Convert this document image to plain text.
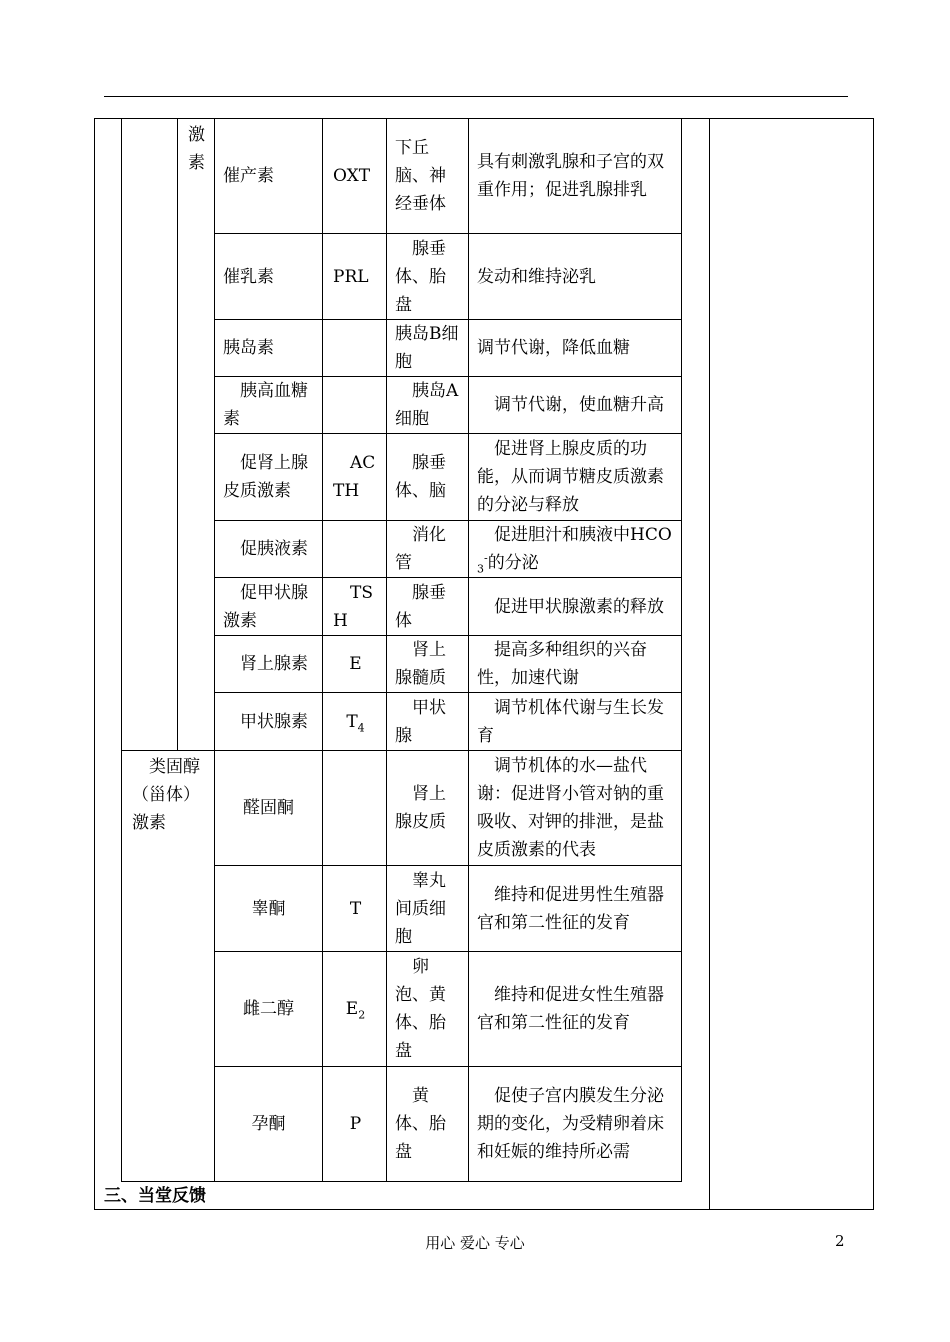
	激素	催产素	OXT	下丘脑、神经垂体	具有刺激乳腺和子宫的双重作用；促进乳腺排乳
		催乳素	PRL	腺垂体、胎盘	发动和维持泌乳
		胰岛素		胰岛B细胞	调节代谢，降低血糖
		胰高血糖素		胰岛A细胞	调节代谢，使血糖升高
		促肾上腺皮质激素	ACTH	腺垂体、脑	促进肾上腺皮质的功能，从而调节糖皮质激素的分泌与释放
		促胰液素		消化管	促进胆汁和胰液中$HCO_3^-$的分泌
		促甲状腺激素	TSH	腺垂体	促进甲状腺激素的释放
		肾上腺素	E	肾上腺髓质	提高多种组织的兴奋性，加速代谢
		甲状腺素	$T_4$	甲状腺	调节机体代谢与生长发育
类固醇（甾体）激素		醛固酮		肾上腺皮质	调节机体的水—盐代谢：促进肾小管对钠的重吸收、对钾的排泄，是盐皮质激素的代表
		睾酮	T	睾丸间质细胞	维持和促进男性生殖器官和第二性征的发育
		雌二醇	$E_2$	卵泡、黄体、胎盘	维持和促进女性生殖器官和第二性征的发育
		孕酮	P	黄体、胎盘	促使子宫内膜发生分泌期的变化，为受精卵着床和妊娠的维持所必需
三、当堂反馈
用心 爱心 专心	2
